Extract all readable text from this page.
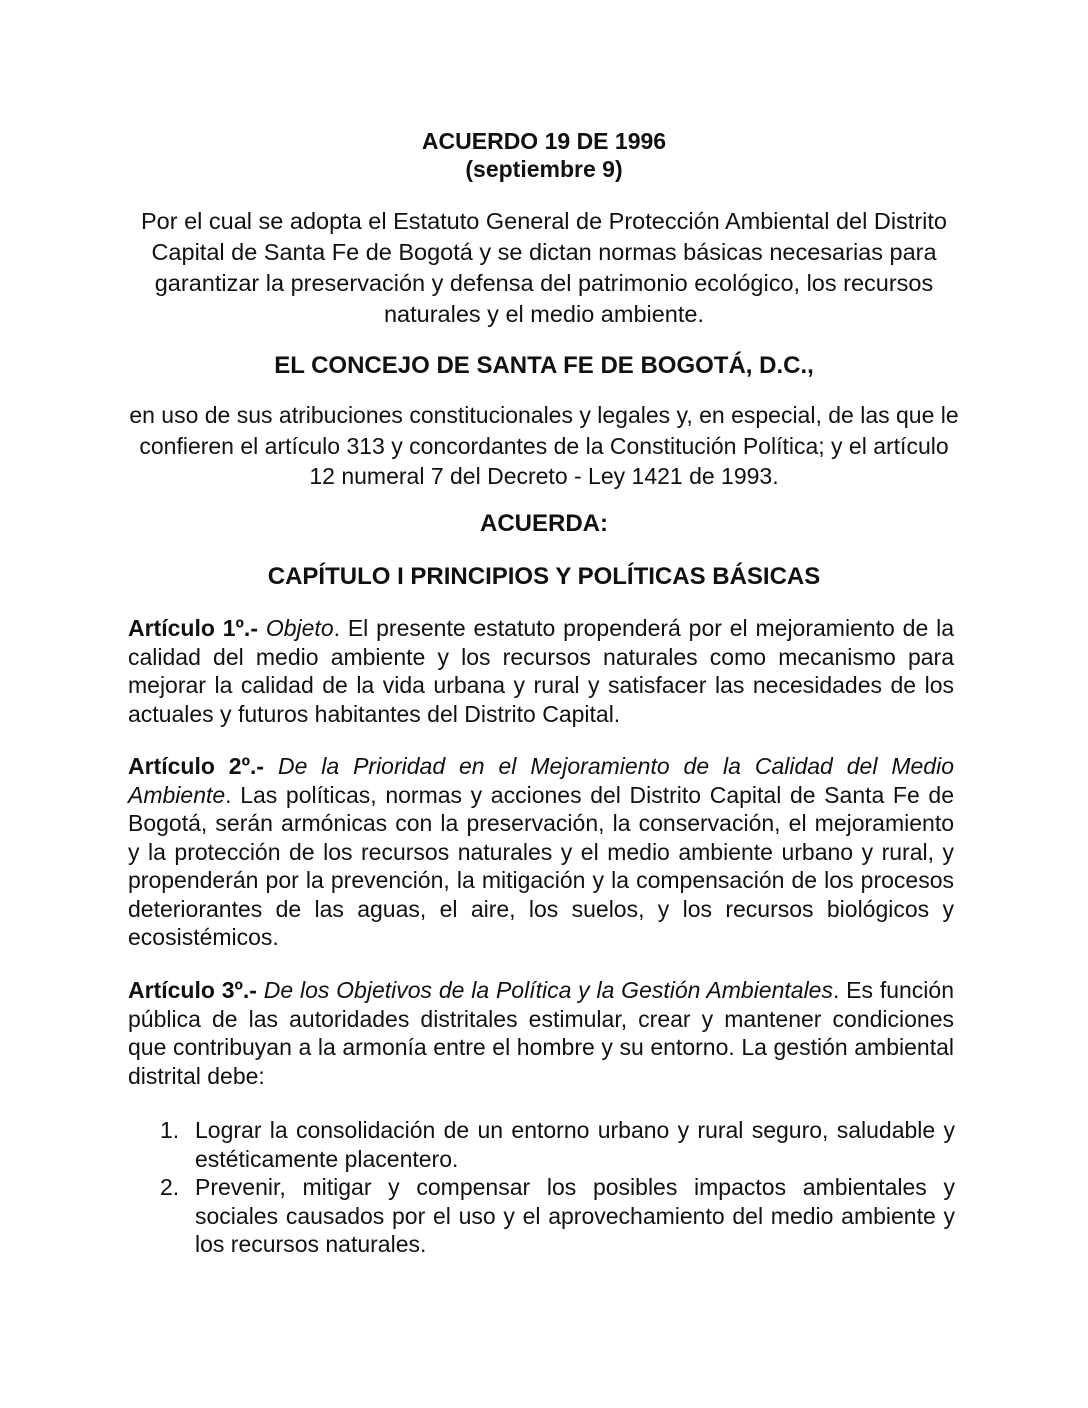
ACUERDO 19 DE 1996
(septiembre 9)
Por el cual se adopta el Estatuto General de Protección Ambiental del Distrito Capital de Santa Fe de Bogotá y se dictan normas básicas necesarias para garantizar la preservación y defensa del patrimonio ecológico, los recursos naturales y el medio ambiente.
EL CONCEJO DE SANTA FE DE BOGOTÁ, D.C.,
en uso de sus atribuciones constitucionales y legales y, en especial, de las que le confieren el artículo 313 y concordantes de la Constitución Política; y el artículo 12 numeral 7 del Decreto - Ley 1421 de 1993.
ACUERDA:
CAPÍTULO I PRINCIPIOS Y POLÍTICAS BÁSICAS
Artículo 1º.- Objeto. El presente estatuto propenderá por el mejoramiento de la calidad del medio ambiente y los recursos naturales como mecanismo para mejorar la calidad de la vida urbana y rural y satisfacer las necesidades de los actuales y futuros habitantes del Distrito Capital.
Artículo 2º.- De la Prioridad en el Mejoramiento de la Calidad del Medio Ambiente. Las políticas, normas y acciones del Distrito Capital de Santa Fe de Bogotá, serán armónicas con la preservación, la conservación, el mejoramiento y la protección de los recursos naturales y el medio ambiente urbano y rural, y propenderán por la prevención, la mitigación y la compensación de los procesos deteriorantes de las aguas, el aire, los suelos, y los recursos biológicos y ecosistémicos.
Artículo 3º.- De los Objetivos de la Política y la Gestión Ambientales. Es función pública de las autoridades distritales estimular, crear y mantener condiciones que contribuyan a la armonía entre el hombre y su entorno. La gestión ambiental distrital debe:
1. Lograr la consolidación de un entorno urbano y rural seguro, saludable y estéticamente placentero.
2. Prevenir, mitigar y compensar los posibles impactos ambientales y sociales causados por el uso y el aprovechamiento del medio ambiente y los recursos naturales.
